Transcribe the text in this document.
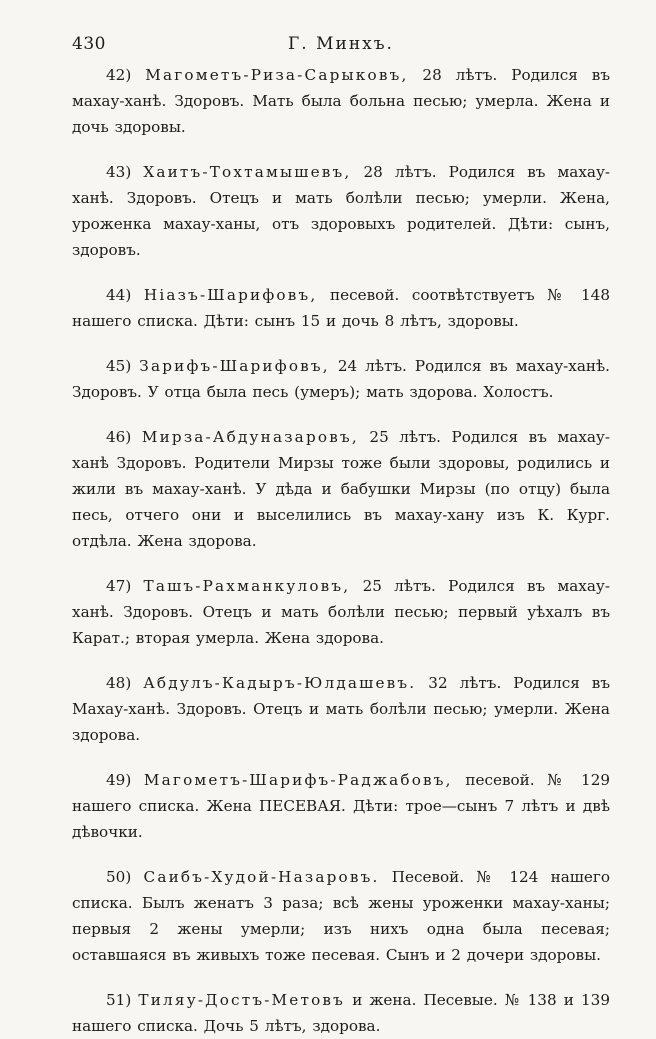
430	Г. Минхъ.

42) Магометъ-Риза-Сарыковъ, 28 лѣтъ. Родился въ махау-ханѣ. Здоровъ. Мать была больна песью; умерла. Жена и дочь здоровы.

43) Хаитъ-Тохтамышевъ, 28 лѣтъ. Родился въ махау-ханѣ. Здоровъ. Отецъ и мать болѣли песью; умерли. Жена, уроженка махау-ханы, отъ здоровыхъ родителей. Дѣти: сынъ, здоровъ.

44) Ніазъ-Шарифовъ, песевой. соотвѣтствуетъ № 148 нашего списка. Дѣти: сынъ 15 и дочь 8 лѣтъ, здоровы.

45) Зарифъ-Шарифовъ, 24 лѣтъ. Родился въ махау-ханѣ. Здоровъ. У отца была песь (умеръ); мать здорова. Холостъ.

46) Мирза-Абдуназаровъ, 25 лѣтъ. Родился въ махау-ханѣ Здоровъ. Родители Мирзы тоже были здоровы, родились и жили въ махау-ханѣ. У дѣда и бабушки Мирзы (по отцу) была песь, отчего они и выселились въ махау-хану изъ К. Кург. отдѣла. Жена здорова.

47) Ташъ-Рахманкуловъ, 25 лѣтъ. Родился въ махау-ханѣ. Здоровъ. Отецъ и мать болѣли песью; первый уѣхалъ въ Карат.; вторая умерла. Жена здорова.

48) Абдулъ-Кадыръ-Юлдашевъ. 32 лѣтъ. Родился въ Махау-ханѣ. Здоровъ. Отецъ и мать болѣли песью; умерли. Жена здорова.

49) Магометъ-Шарифъ-Раджабовъ, песевой. № 129 нашего списка. Жена ПЕСЕВАЯ. Дѣти: трое—сынъ 7 лѣтъ и двѣ дѣвочки.

50) Саибъ-Худой-Назаровъ. Песевой. № 124 нашего списка. Былъ женатъ 3 раза; всѣ жены уроженки махау-ханы; первыя 2 жены умерли; изъ нихъ одна была песевая; оставшаяся въ живыхъ тоже песевая. Сынъ и 2 дочери здоровы.

51) Тиляу-Достъ-Метовъ и жена. Песевые. № 138 и 139 нашего списка. Дочь 5 лѣтъ, здорова.
